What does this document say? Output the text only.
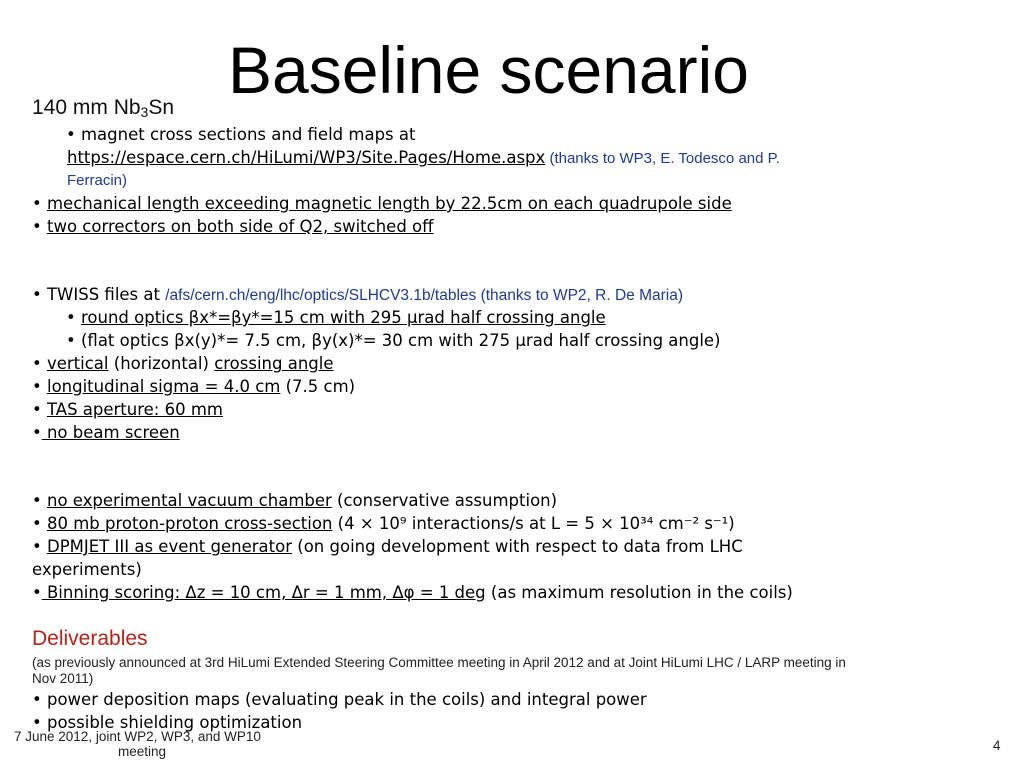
Baseline scenario
140 mm $Nb_3Sn$
• magnet cross sections and field maps at
https://espace.cern.ch/HiLumi/WP3/Site.Pages/Home.aspx (thanks to WP3, E. Todesco and P.
Ferracin)
• mechanical length exceeding magnetic length by 22.5cm on each quadrupole side
• two correctors on both side of Q2, switched off
• TWISS files at /afs/cern.ch/eng/lhc/optics/SLHCV3.1b/tables (thanks to WP2, R. De Maria)
• round optics βx*=βy*=15 cm with 295 μrad half crossing angle
• (flat optics βx(y)*= 7.5 cm, βy(x)*= 30 cm with 275 μrad half crossing angle)
• vertical (horizontal) crossing angle
• longitudinal sigma = 4.0 cm (7.5 cm)
• TAS aperture: 60 mm
• no beam screen
• no experimental vacuum chamber (conservative assumption)
• 80 mb proton-proton cross-section (4 × 10⁹ interactions/s at L = 5 × 10³⁴ cm⁻² s⁻¹)
• DPMJET III as event generator (on going development with respect to data from LHC
experiments)
• Binning scoring: Δz = 10 cm, Δr = 1 mm, Δφ = 1 deg (as maximum resolution in the coils)
Deliverables
(as previously announced at 3rd HiLumi Extended Steering Committee meeting in April 2012 and at Joint HiLumi LHC / LARP meeting in
Nov 2011)
• power deposition maps (evaluating peak in the coils) and integral power
• possible shielding optimization
7 June 2012, joint WP2, WP3, and WP10
meeting	4
